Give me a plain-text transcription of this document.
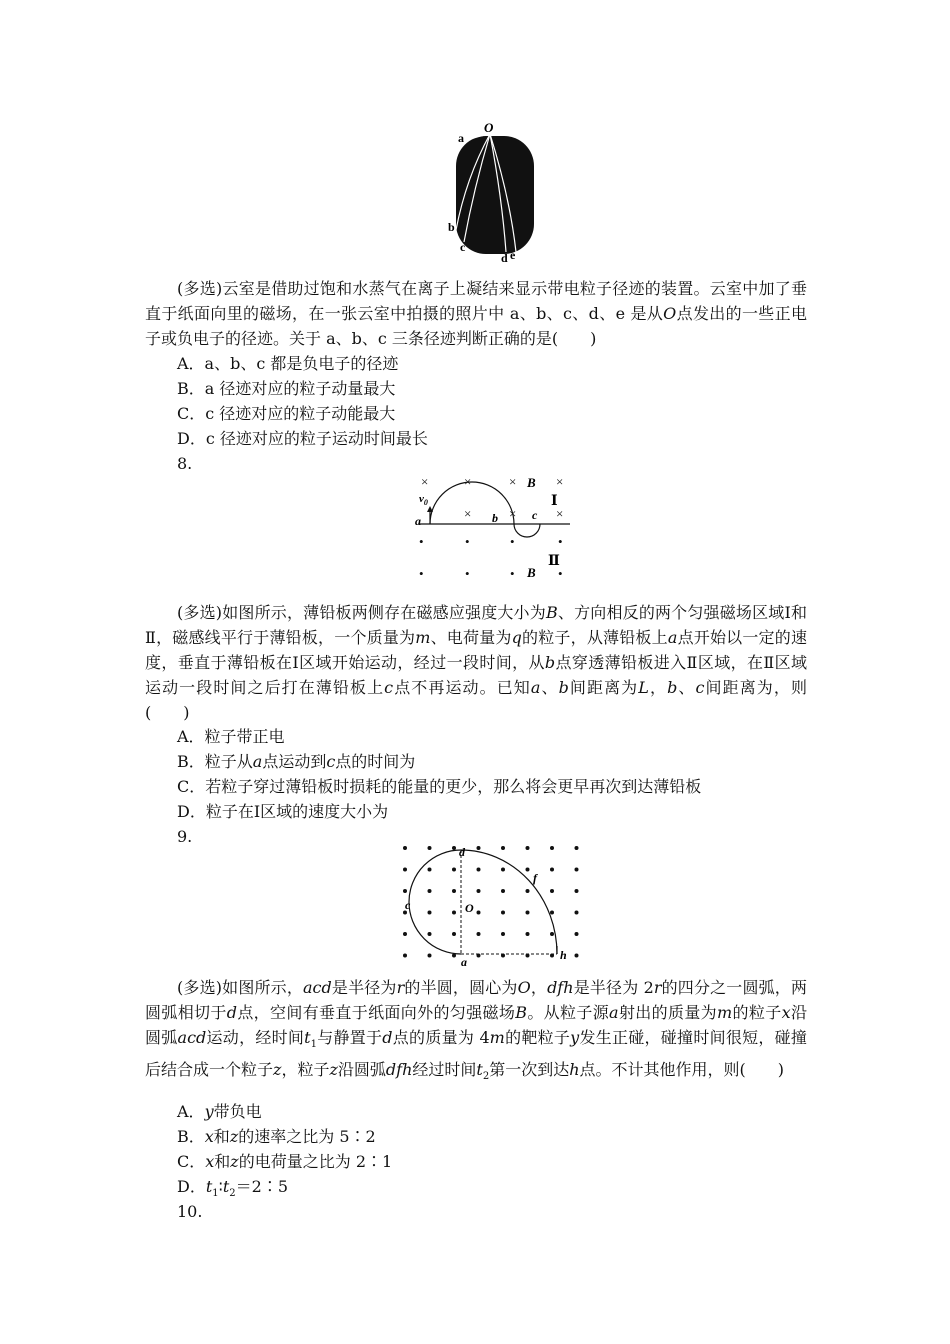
O
a
b
c
d e

(多选)云室是借助过饱和水蒸气在离子上凝结来显示带电粒子径迹的装置。云室中加了垂直于纸面向里的磁场，在一张云室中拍摄的照片中 a、b、c、d、e 是从O点发出的一些正电子或负电子的径迹。关于 a、b、c 三条径迹判断正确的是(　　)

A．a、b、c 都是负电子的径迹
B．a 径迹对应的粒子动量最大
C．c 径迹对应的粒子动能最大
D．c 径迹对应的粒子运动时间最长
8.
×	×	×	×
×	×	×
B
Ⅰ
$v_0$
a	b	c
•	•	•	•
•	•	•	•
Ⅱ
B

(多选)如图所示，薄铅板两侧存在磁感应强度大小为B、方向相反的两个匀强磁场区域Ⅰ和Ⅱ，磁感线平行于薄铅板，一个质量为m、电荷量为q的粒子，从薄铅板上a点开始以一定的速度，垂直于薄铅板在Ⅰ区域开始运动，经过一段时间，从b点穿透薄铅板进入Ⅱ区域，在Ⅱ区域运动一段时间之后打在薄铅板上c点不再运动。已知a、b间距离为L，b、c间距离为，则(　　)

A．粒子带正电
B．粒子从a点运动到c点的时间为
C．若粒子穿过薄铅板时损耗的能量的更少，那么将会更早再次到达薄铅板
D．粒子在Ⅰ区域的速度大小为
9.
d
f
c	O
a	h

(多选)如图所示，acd是半径为r的半圆，圆心为O，dfh是半径为 2r的四分之一圆弧，两圆弧相切于d点，空间有垂直于纸面向外的匀强磁场B。从粒子源a射出的质量为m的粒子x沿圆弧acd运动，经时间$t_1$与静置于d点的质量为 4m的靶粒子y发生正碰，碰撞时间很短，碰撞后结合成一个粒子z，粒子z沿圆弧dfh经过时间$t_2$第一次到达h点。不计其他作用，则(　　)

A．y带负电
B．x和z的速率之比为 5∶2
C．x和z的电荷量之比为 2∶1
D．$t_1∶t_2=2∶5$
10.
